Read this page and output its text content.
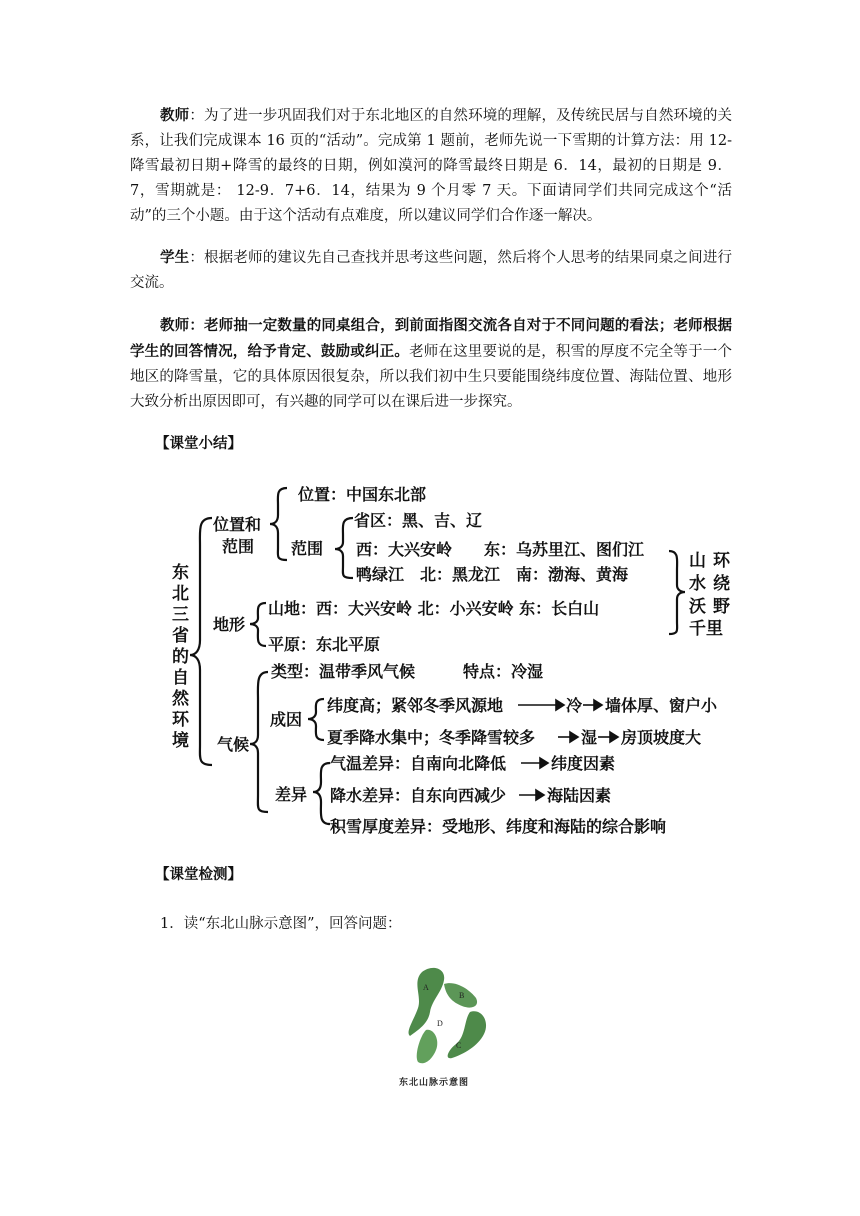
教师：为了进一步巩固我们对于东北地区的自然环境的理解，及传统民居与自然环境的关系，让我们完成课本 16 页的“活动”。完成第 1 题前，老师先说一下雪期的计算方法：用 12-降雪最初日期+降雪的最终的日期，例如漠河的降雪最终日期是 6．14，最初的日期是 9．7，雪期就是： 12-9．7+6．14，结果为 9 个月零 7 天。下面请同学们共同完成这个“活动”的三个小题。由于这个活动有点难度，所以建议同学们合作逐一解决。
学生：根据老师的建议先自己查找并思考这些问题，然后将个人思考的结果同桌之间进行交流。
教师：老师抽一定数量的同桌组合，到前面指图交流各自对于不同问题的看法；老师根据学生的回答情况，给予肯定、鼓励或纠正。老师在这里要说的是，积雪的厚度不完全等于一个地区的降雪量，它的具体原因很复杂，所以我们初中生只要能围绕纬度位置、海陆位置、地形大致分析出原因即可，有兴趣的同学可以在课后进一步探究。
【课堂小结】
东
北
三
省
的
自
然
环
境
位置和
范围
位置：中国东北部
范围
省区：黑、吉、辽
西：大兴安岭　　东：乌苏里江、图们江
鸭绿江　北：黑龙江　南：渤海、黄海
地形
山地：西：大兴安岭 北：小兴安岭 东：长白山
平原：东北平原
山 环
水 绕
沃 野
千里
气候
类型：温带季风气候　　　特点：冷湿
成因
纬度高；紧邻冬季风源地	冷 墙体厚、窗户小
夏季降水集中；冬季降雪较多	湿 房顶坡度大
差异
气温差异：自南向北降低	纬度因素
降水差异：自东向西减少	海陆因素
积雪厚度差异：受地形、纬度和海陆的综合影响
A
B
D
C
【课堂检测】
1．读“东北山脉示意图”，回答问题：
东北山脉示意图
